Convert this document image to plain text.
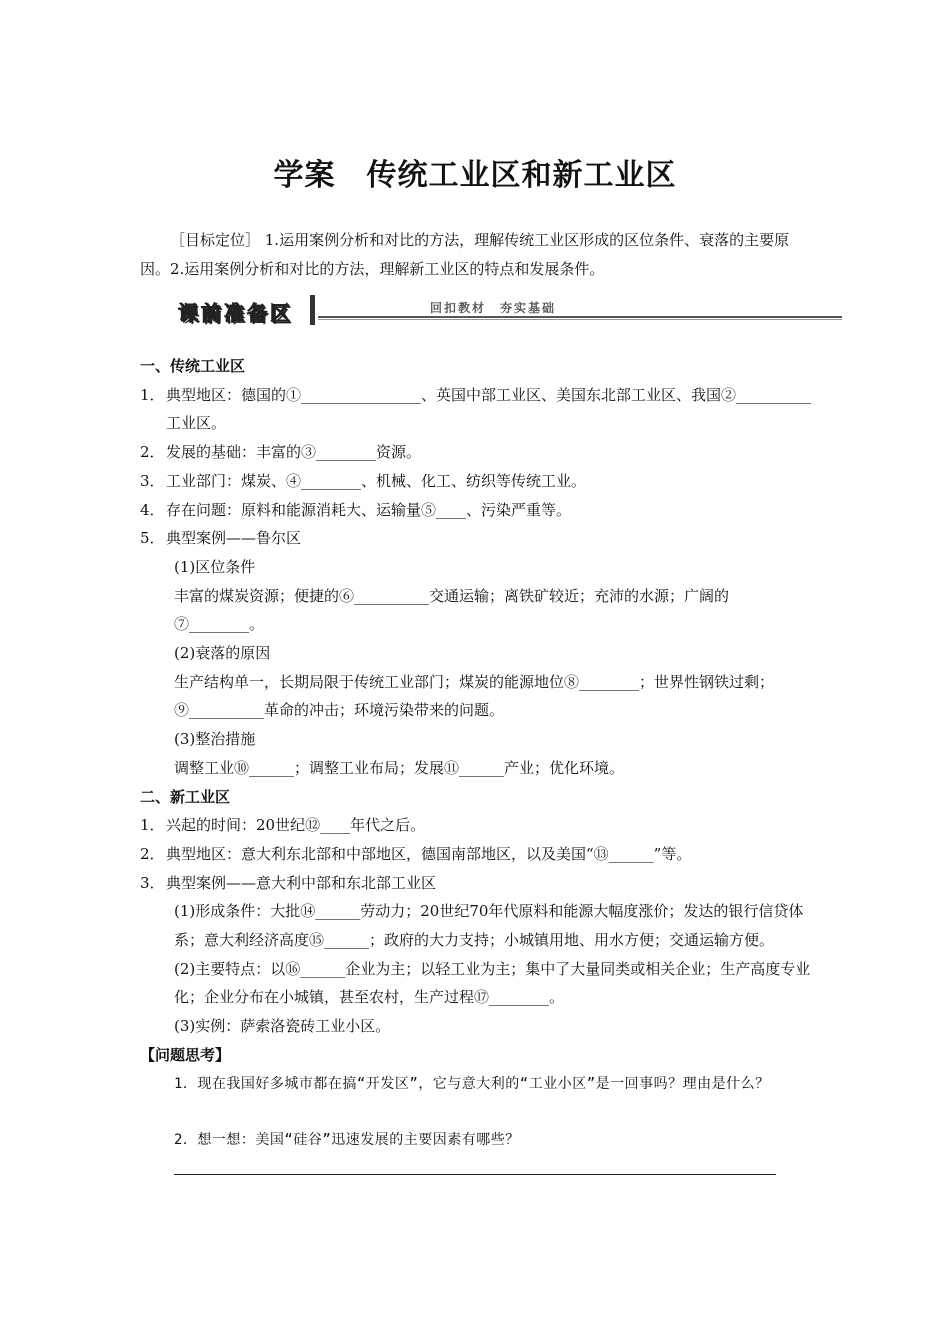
学案　传统工业区和新工业区
［目标定位］ 1.运用案例分析和对比的方法，理解传统工业区形成的区位条件、衰落的主要原因。2.运用案例分析和对比的方法，理解新工业区的特点和发展条件。
课前准备区	回扣教材　夯实基础
一、传统工业区
1． 典型地区：德国的①________________、英国中部工业区、美国东北部工业区、我国②__________工业区。
2． 发展的基础：丰富的③________资源。
3． 工业部门：煤炭、④________、机械、化工、纺织等传统工业。
4． 存在问题：原料和能源消耗大、运输量⑤____、污染严重等。
5． 典型案例——鲁尔区
(1)区位条件
丰富的煤炭资源；便捷的⑥__________交通运输；离铁矿较近；充沛的水源；广阔的⑦________。
(2)衰落的原因
生产结构单一，长期局限于传统工业部门；煤炭的能源地位⑧________；世界性钢铁过剩；⑨__________革命的冲击；环境污染带来的问题。
(3)整治措施
调整工业⑩______；调整工业布局；发展⑪______产业；优化环境。
二、新工业区
1． 兴起的时间：20世纪⑫____年代之后。
2． 典型地区：意大利东北部和中部地区，德国南部地区，以及美国“⑬______”等。
3． 典型案例——意大利中部和东北部工业区
(1)形成条件：大批⑭______劳动力；20世纪70年代原料和能源大幅度涨价；发达的银行信贷体系；意大利经济高度⑮______；政府的大力支持；小城镇用地、用水方便；交通运输方便。
(2)主要特点：以⑯______企业为主；以轻工业为主；集中了大量同类或相关企业；生产高度专业化；企业分布在小城镇，甚至农村，生产过程⑰________。
(3)实例：萨索洛瓷砖工业小区。
【问题思考】
1．现在我国好多城市都在搞“开发区”，它与意大利的“工业小区”是一回事吗？理由是什么？
2．想一想：美国“硅谷”迅速发展的主要因素有哪些？
